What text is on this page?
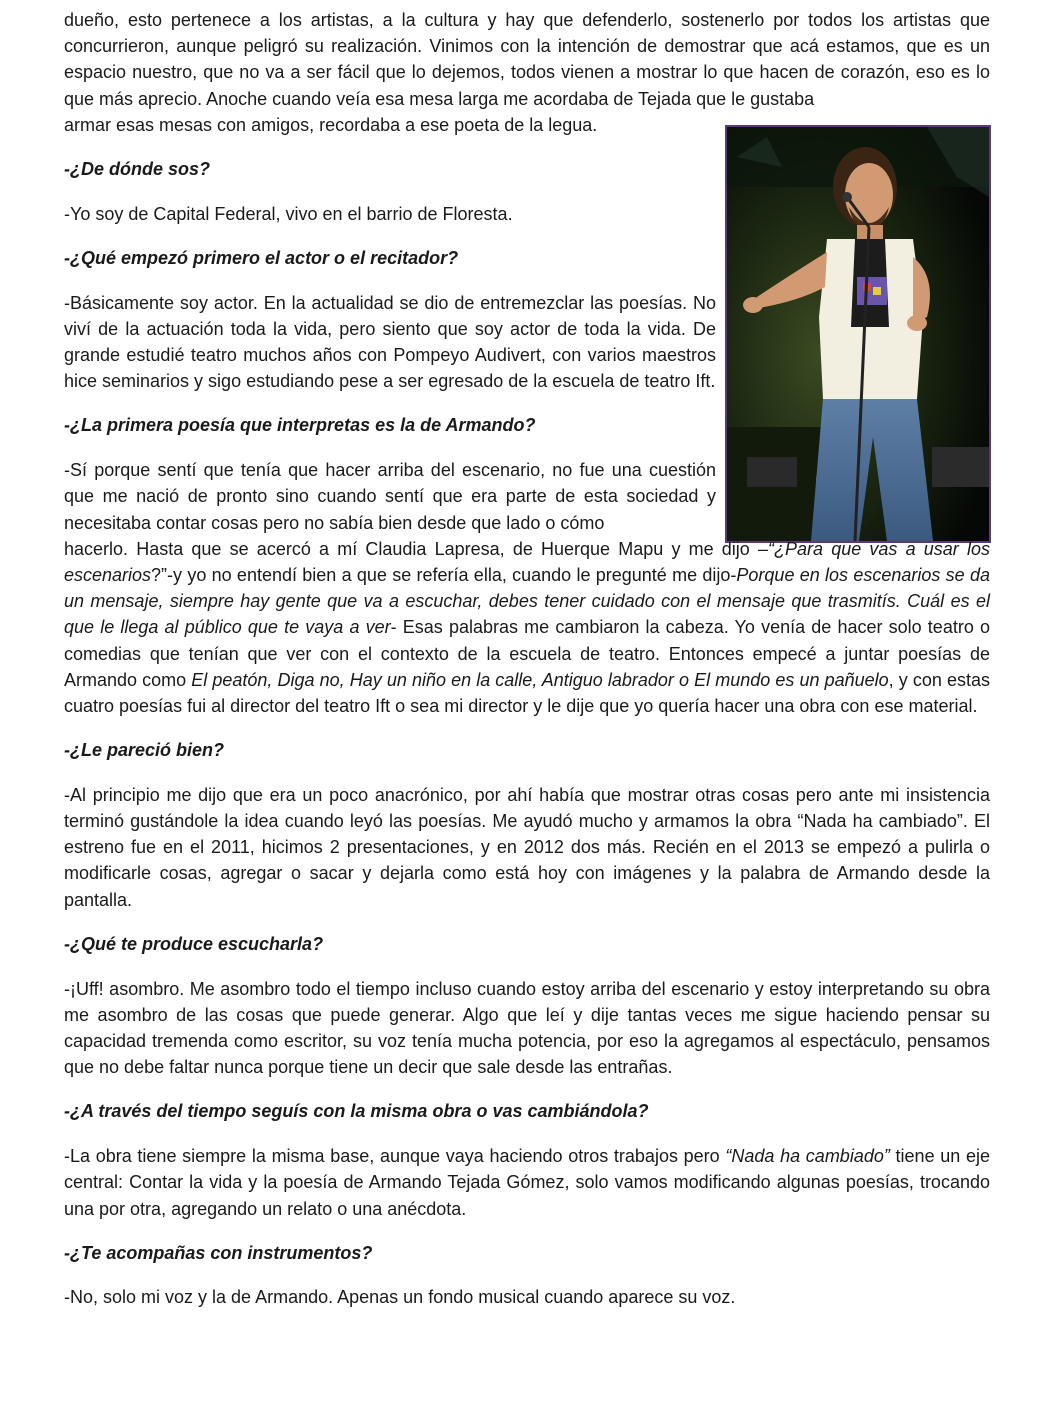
dueño, esto pertenece a los artistas, a la cultura y hay que defenderlo, sostenerlo por todos los artistas que concurrieron, aunque peligró su realización. Vinimos con la intención de demostrar que acá estamos, que es un espacio nuestro, que no va a ser fácil que lo dejemos, todos vienen a mostrar lo que hacen de corazón, eso es lo que más aprecio. Anoche cuando veía esa mesa larga me acordaba de Tejada que le gustaba

armar esas mesas con amigos, recordaba a ese poeta de la legua.

-¿De dónde sos?

-Yo soy de Capital Federal, vivo en el barrio de Floresta.

-¿Qué empezó primero el actor o el recitador?

-Básicamente soy actor. En la actualidad se dio de entremezclar las poesías. No viví de la actuación toda la vida, pero siento que soy actor de toda la vida. De grande estudié teatro muchos años con Pompeyo Audivert, con varios maestros hice seminarios y sigo estudiando pese a ser egresado de la escuela de teatro Ift.

-¿La primera poesía que interpretas es la de Armando?

-Sí porque sentí que tenía que hacer arriba del escenario, no fue una cuestión que me nació de pronto sino cuando sentí que era parte de esta sociedad y necesitaba contar cosas pero no sabía bien desde que lado o cómo

hacerlo. Hasta que se acercó a mí Claudia Lapresa, de Huerque Mapu y me dijo –“¿Para que vas a usar los escenarios?”-y yo no entendí bien a que se refería ella, cuando le pregunté me dijo-Porque en los escenarios se da un mensaje, siempre hay gente que va a escuchar, debes tener cuidado con el mensaje que trasmitís. Cuál es el que le llega al público que te vaya a ver- Esas palabras me cambiaron la cabeza. Yo venía de hacer solo teatro o comedias que tenían que ver con el contexto de la escuela de teatro. Entonces empecé a juntar poesías de Armando como El peatón, Diga no, Hay un niño en la calle, Antiguo labrador o El mundo es un pañuelo, y con estas cuatro poesías fui al director del teatro Ift o sea mi director y le dije que yo quería hacer una obra con ese material.

-¿Le pareció bien?

-Al principio me dijo que era un poco anacrónico, por ahí había que mostrar otras cosas pero ante mi insistencia terminó gustándole la idea cuando leyó las poesías. Me ayudó mucho y armamos la obra “Nada ha cambiado”. El estreno fue en el 2011, hicimos 2 presentaciones, y en 2012 dos más. Recién en el 2013 se empezó a pulirla o modificarle cosas, agregar o sacar y dejarla como está hoy con imágenes y la palabra de Armando desde la pantalla.

-¿Qué te produce escucharla?

-¡Uff! asombro. Me asombro todo el tiempo incluso cuando estoy arriba del escenario y estoy interpretando su obra me asombro de las cosas que puede generar. Algo que leí y dije tantas veces me sigue haciendo pensar su capacidad tremenda como escritor, su voz tenía mucha potencia, por eso la agregamos al espectáculo, pensamos que no debe faltar nunca porque tiene un decir que sale desde las entrañas.

-¿A través del tiempo seguís con la misma obra o vas cambiándola?

-La obra tiene siempre la misma base, aunque vaya haciendo otros trabajos pero “Nada ha cambiado” tiene un eje central: Contar la vida y la poesía de Armando Tejada Gómez, solo vamos modificando algunas poesías, trocando una por otra, agregando un relato o una anécdota.

-¿Te acompañas con instrumentos?

-No, solo mi voz y la de Armando. Apenas un fondo musical cuando aparece su voz.
